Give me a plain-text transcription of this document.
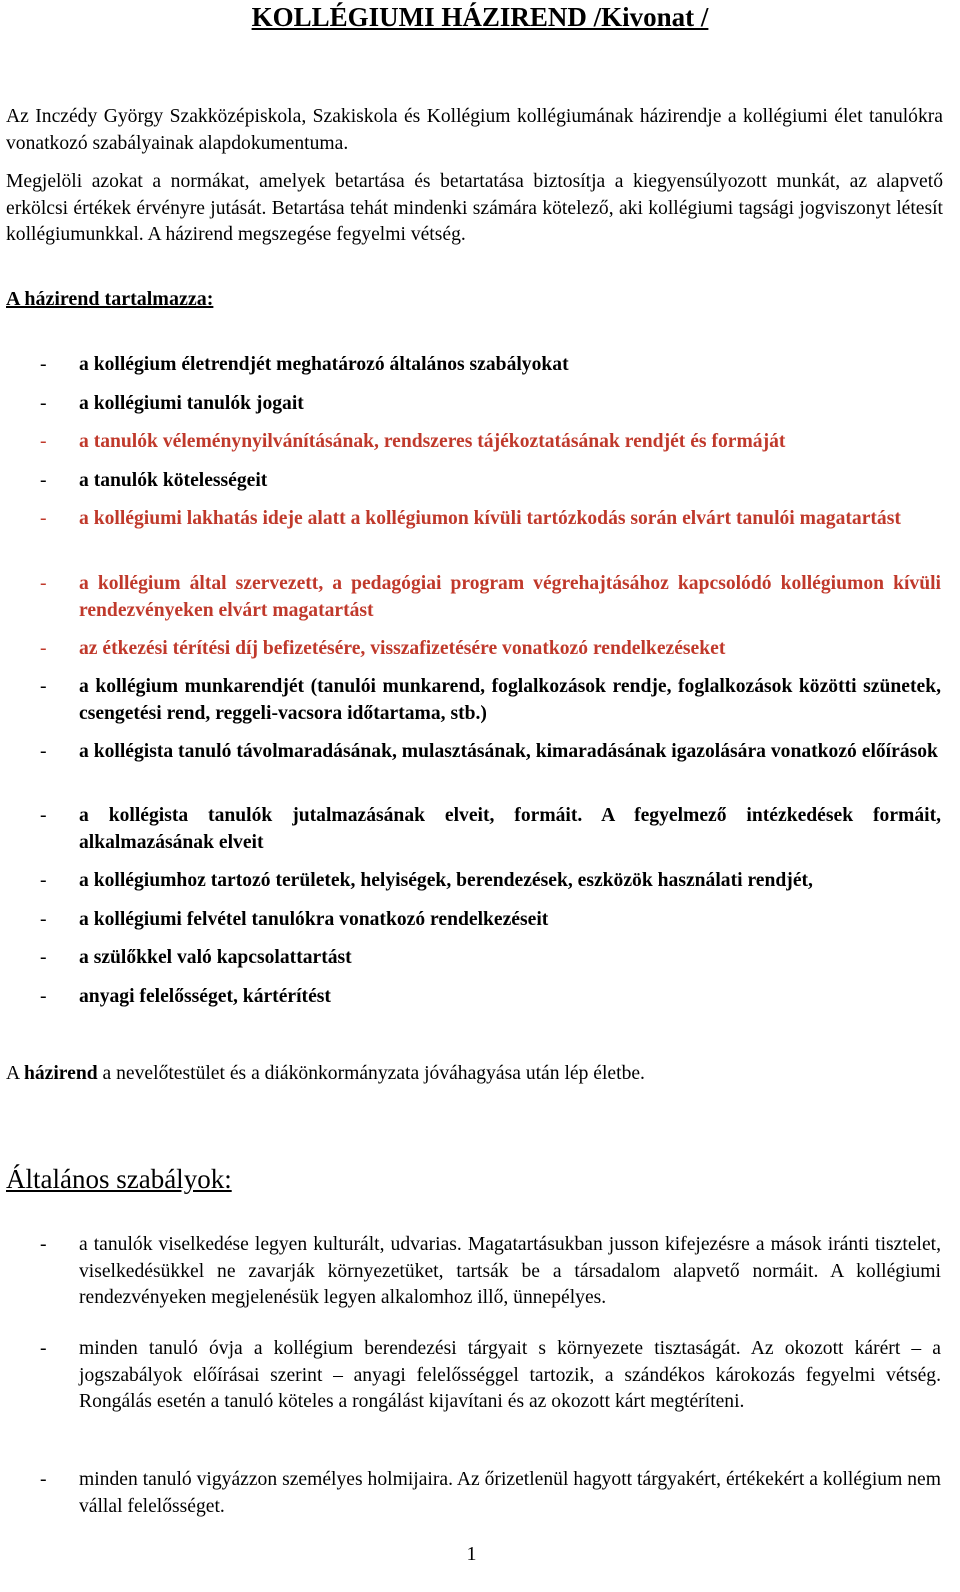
KOLLÉGIUMI HÁZIREND /Kivonat /
Az Inczédy György Szakközépiskola, Szakiskola és Kollégium kollégiumának házirendje a kollégiumi élet tanulókra vonatkozó szabályainak alapdokumentuma.
Megjelöli azokat a normákat, amelyek betartása és betartatása biztosítja a kiegyensúlyozott munkát, az alapvető erkölcsi értékek érvényre jutását. Betartása tehát mindenki számára kötelező, aki kollégiumi tagsági jogviszonyt létesít kollégiumunkkal. A házirend megszegése fegyelmi vétség.
A házirend tartalmazza:
- a kollégium életrendjét meghatározó általános szabályokat
- a kollégiumi tanulók jogait
- a tanulók véleménynyilvánításának, rendszeres tájékoztatásának rendjét és formáját
- a tanulók kötelességeit
- a kollégiumi lakhatás ideje alatt a kollégiumon kívüli tartózkodás során elvárt tanulói magatartást
- a kollégium által szervezett, a pedagógiai program végrehajtásához kapcsolódó kollégiumon kívüli rendezvényeken elvárt magatartást
- az étkezési térítési díj befizetésére, visszafizetésére vonatkozó rendelkezéseket
- a kollégium munkarendjét (tanulói munkarend, foglalkozások rendje, foglalkozások közötti szünetek, csengetési rend, reggeli-vacsora időtartama, stb.)
- a kollégista tanuló távolmaradásának, mulasztásának, kimaradásának igazolására vonatkozó előírások
- a kollégista tanulók jutalmazásának elveit, formáit. A fegyelmező intézkedések formáit, alkalmazásának elveit
- a kollégiumhoz tartozó területek, helyiségek, berendezések, eszközök használati rendjét,
- a kollégiumi felvétel tanulókra vonatkozó rendelkezéseit
- a szülőkkel való kapcsolattartást
- anyagi felelősséget, kártérítést
A házirend a nevelőtestület és a diákönkormányzata jóváhagyása után lép életbe.
Általános szabályok:
- a tanulók viselkedése legyen kulturált, udvarias. Magatartásukban jusson kifejezésre a mások iránti tisztelet, viselkedésükkel ne zavarják környezetüket, tartsák be a társadalom alapvető normáit. A kollégiumi rendezvényeken megjelenésük legyen alkalomhoz illő, ünnepélyes.
- minden tanuló óvja a kollégium berendezési tárgyait s környezete tisztaságát. Az okozott kárért – a jogszabályok előírásai szerint – anyagi felelősséggel tartozik, a szándékos károkozás fegyelmi vétség. Rongálás esetén a tanuló köteles a rongálást kijavítani és az okozott kárt megtéríteni.
- minden tanuló vigyázzon személyes holmijaira. Az őrizetlenül hagyott tárgyakért, értékekért a kollégium nem vállal felelősséget.
1
